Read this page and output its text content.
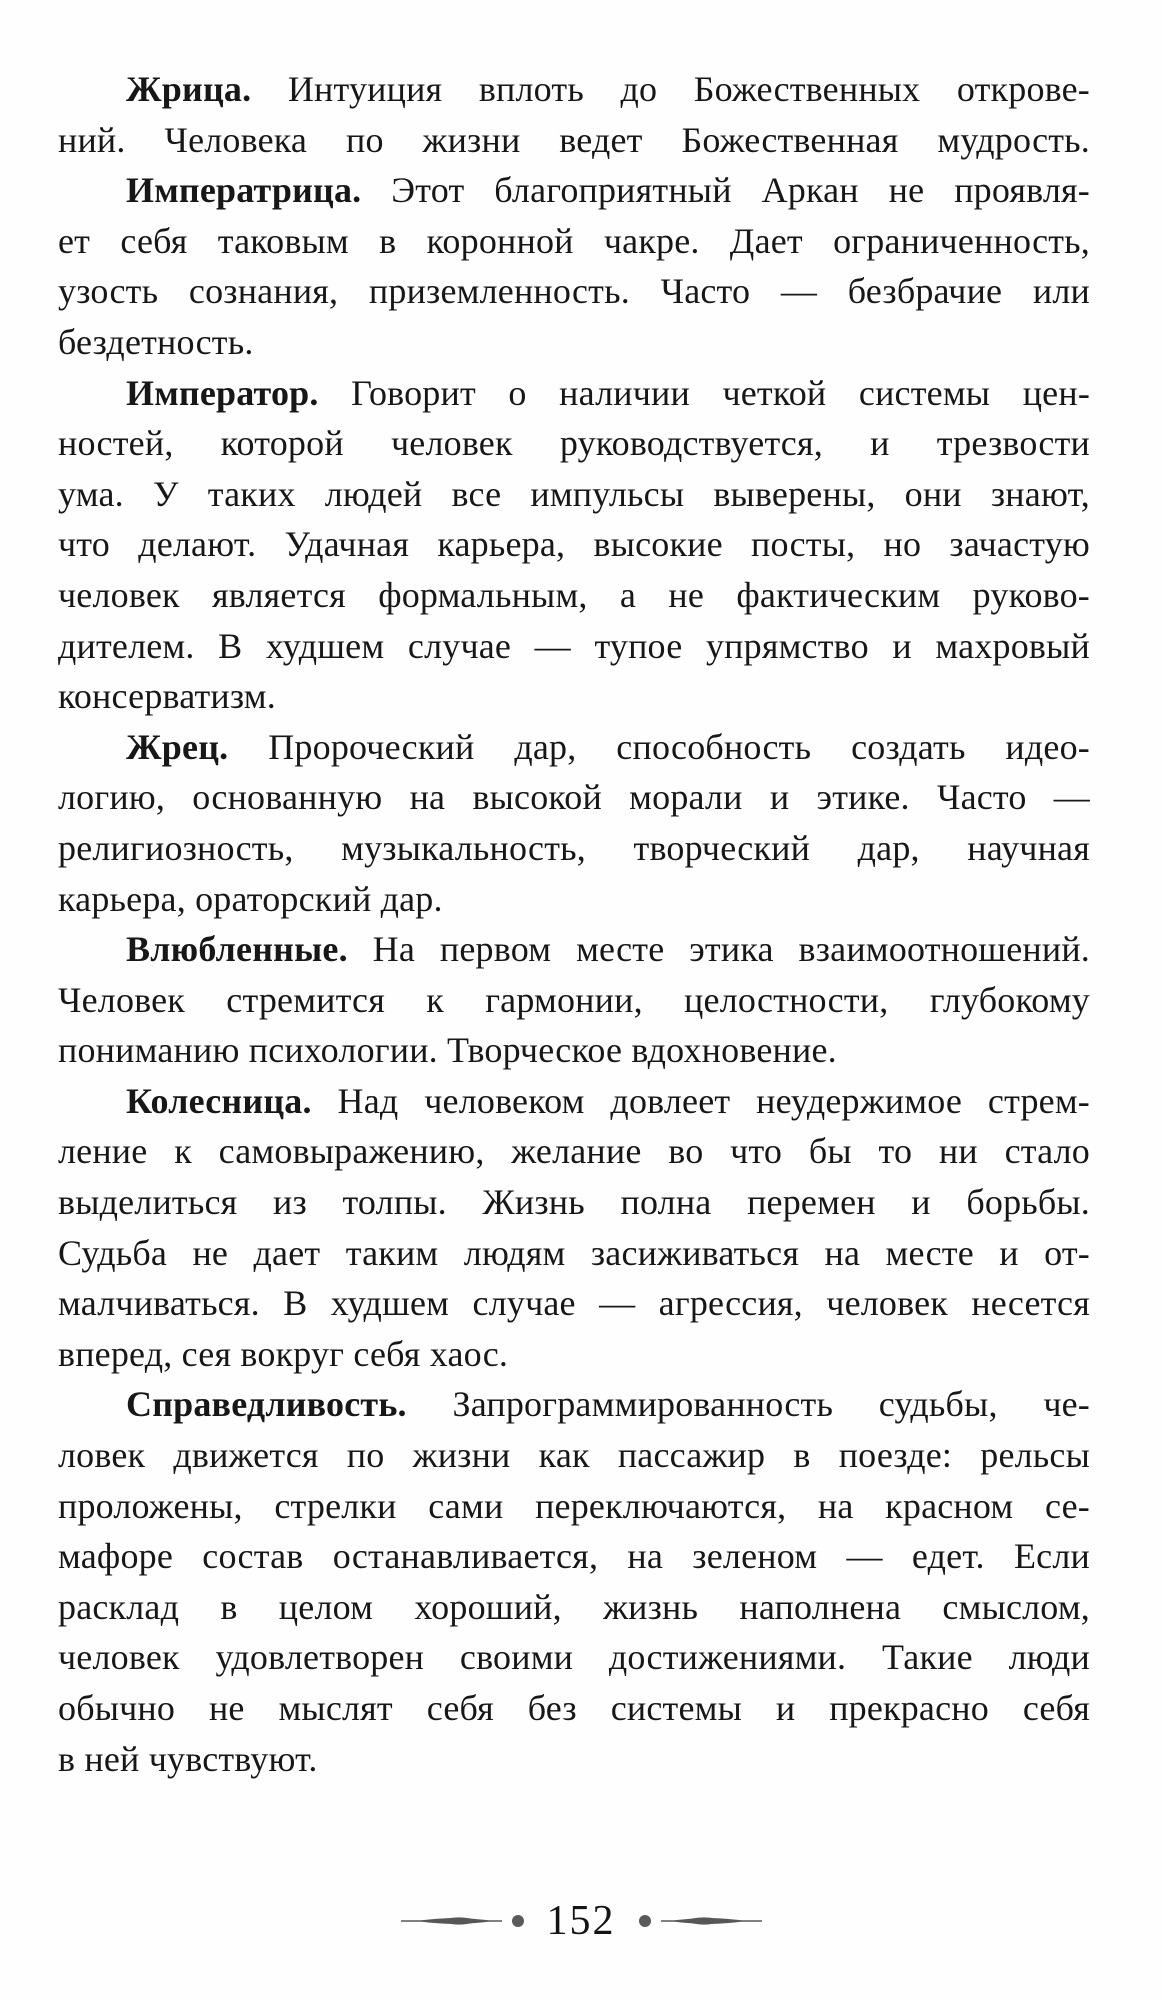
Жрица. Интуиция вплоть до Божественных открове-
ний. Человека по жизни ведет Божественная мудрость.
Императрица. Этот благоприятный Аркан не проявля-
ет себя таковым в коронной чакре. Дает ограниченность,
узость сознания, приземленность. Часто — безбрачие или
бездетность.
Император. Говорит о наличии четкой системы цен-
ностей, которой человек руководствуется, и трезвости
ума. У таких людей все импульсы выверены, они знают,
что делают. Удачная карьера, высокие посты, но зачастую
человек является формальным, а не фактическим руково-
дителем. В худшем случае — тупое упрямство и махровый
консерватизм.
Жрец. Пророческий дар, способность создать идео-
логию, основанную на высокой морали и этике. Часто —
религиозность, музыкальность, творческий дар, научная
карьера, ораторский дар.
Влюбленные. На первом месте этика взаимоотношений.
Человек стремится к гармонии, целостности, глубокому
пониманию психологии. Творческое вдохновение.
Колесница. Над человеком довлеет неудержимое стрем-
ление к самовыражению, желание во что бы то ни стало
выделиться из толпы. Жизнь полна перемен и борьбы.
Судьба не дает таким людям засиживаться на месте и от-
малчиваться. В худшем случае — агрессия, человек несется
вперед, сея вокруг себя хаос.
Справедливость. Запрограммированность судьбы, че-
ловек движется по жизни как пассажир в поезде: рельсы
проложены, стрелки сами переключаются, на красном се-
мафоре состав останавливается, на зеленом — едет. Если
расклад в целом хороший, жизнь наполнена смыслом,
человек удовлетворен своими достижениями. Такие люди
обычно не мыслят себя без системы и прекрасно себя
в ней чувствуют.
152
